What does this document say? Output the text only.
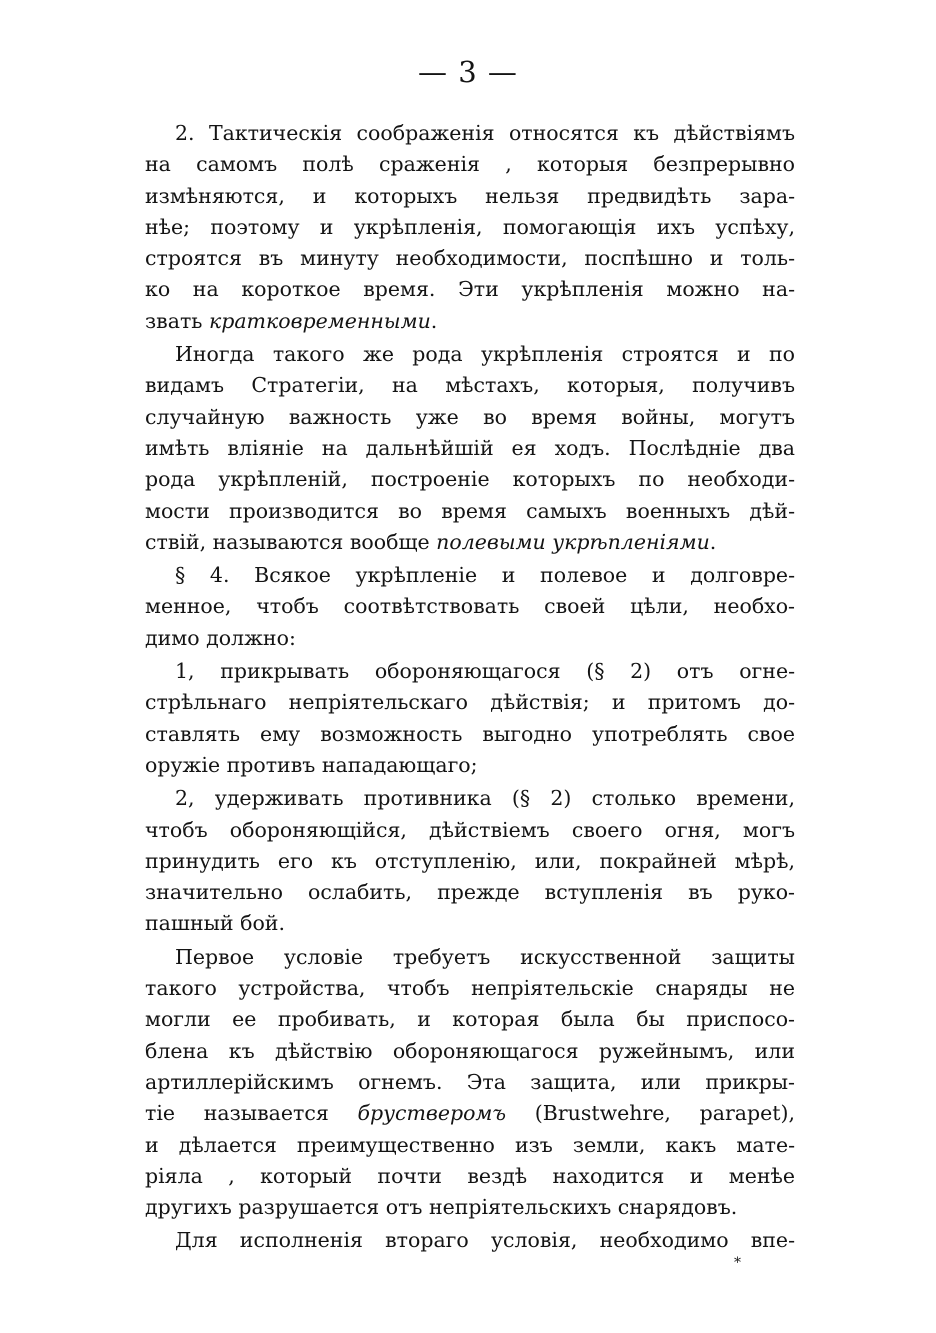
— 3 —
2. Тактическія соображенія относятся къ дѣйствіямъ
на самомъ полѣ сраженія , которыя безпрерывно
измѣняются, и которыхъ нельзя предвидѣть зара-
нѣе; поэтому и укрѣпленія, помогающія ихъ успѣху,
строятся въ минуту необходимости, поспѣшно и толь-
ко на короткое время. Эти укрѣпленія можно на-
звать кратковременными.
Иногда такого же рода укрѣпленія строятся и по
видамъ Стратегіи, на мѣстахъ, которыя, получивъ
случайную важность уже во время войны, могутъ
имѣть вліяніе на дальнѣйшій ея ходъ. Послѣдніе два
рода укрѣпленій, построеніе которыхъ по необходи-
мости производится во время самыхъ военныхъ дѣй-
ствій, называются вообще полевыми укрѣпленіями.
§ 4. Всякое укрѣпленіе и полевое и долговре-
менное, чтобъ соотвѣтствовать своей цѣли, необхо-
димо должно:
1, прикрывать обороняющагося (§ 2) отъ огне-
стрѣльнаго непріятельскаго дѣйствія; и притомъ до-
ставлять ему возможность выгодно употреблять свое
оружіе противъ нападающаго;
2, удерживать противника (§ 2) столько времени,
чтобъ обороняющійся, дѣйствіемъ своего огня, могъ
принудить его къ отступленію, или, покрайней мѣрѣ,
значительно ослабить, прежде вступленія въ руко-
пашный бой.
Первое условіе требуетъ искусственной защиты
такого устройства, чтобъ непріятельскіе снаряды не
могли ее пробивать, и которая была бы приспосо-
блена къ дѣйствію обороняющагося ружейнымъ, или
артиллерійскимъ огнемъ. Эта защита, или прикры-
тіе называется брустверомъ (Brustwehre, parapet),
и дѣлается преимущественно изъ земли, какъ мате-
ріяла , который почти вездѣ находится и менѣе
другихъ разрушается отъ непріятельскихъ снарядовъ.
Для исполненія втораго условія, необходимо впе-
*
